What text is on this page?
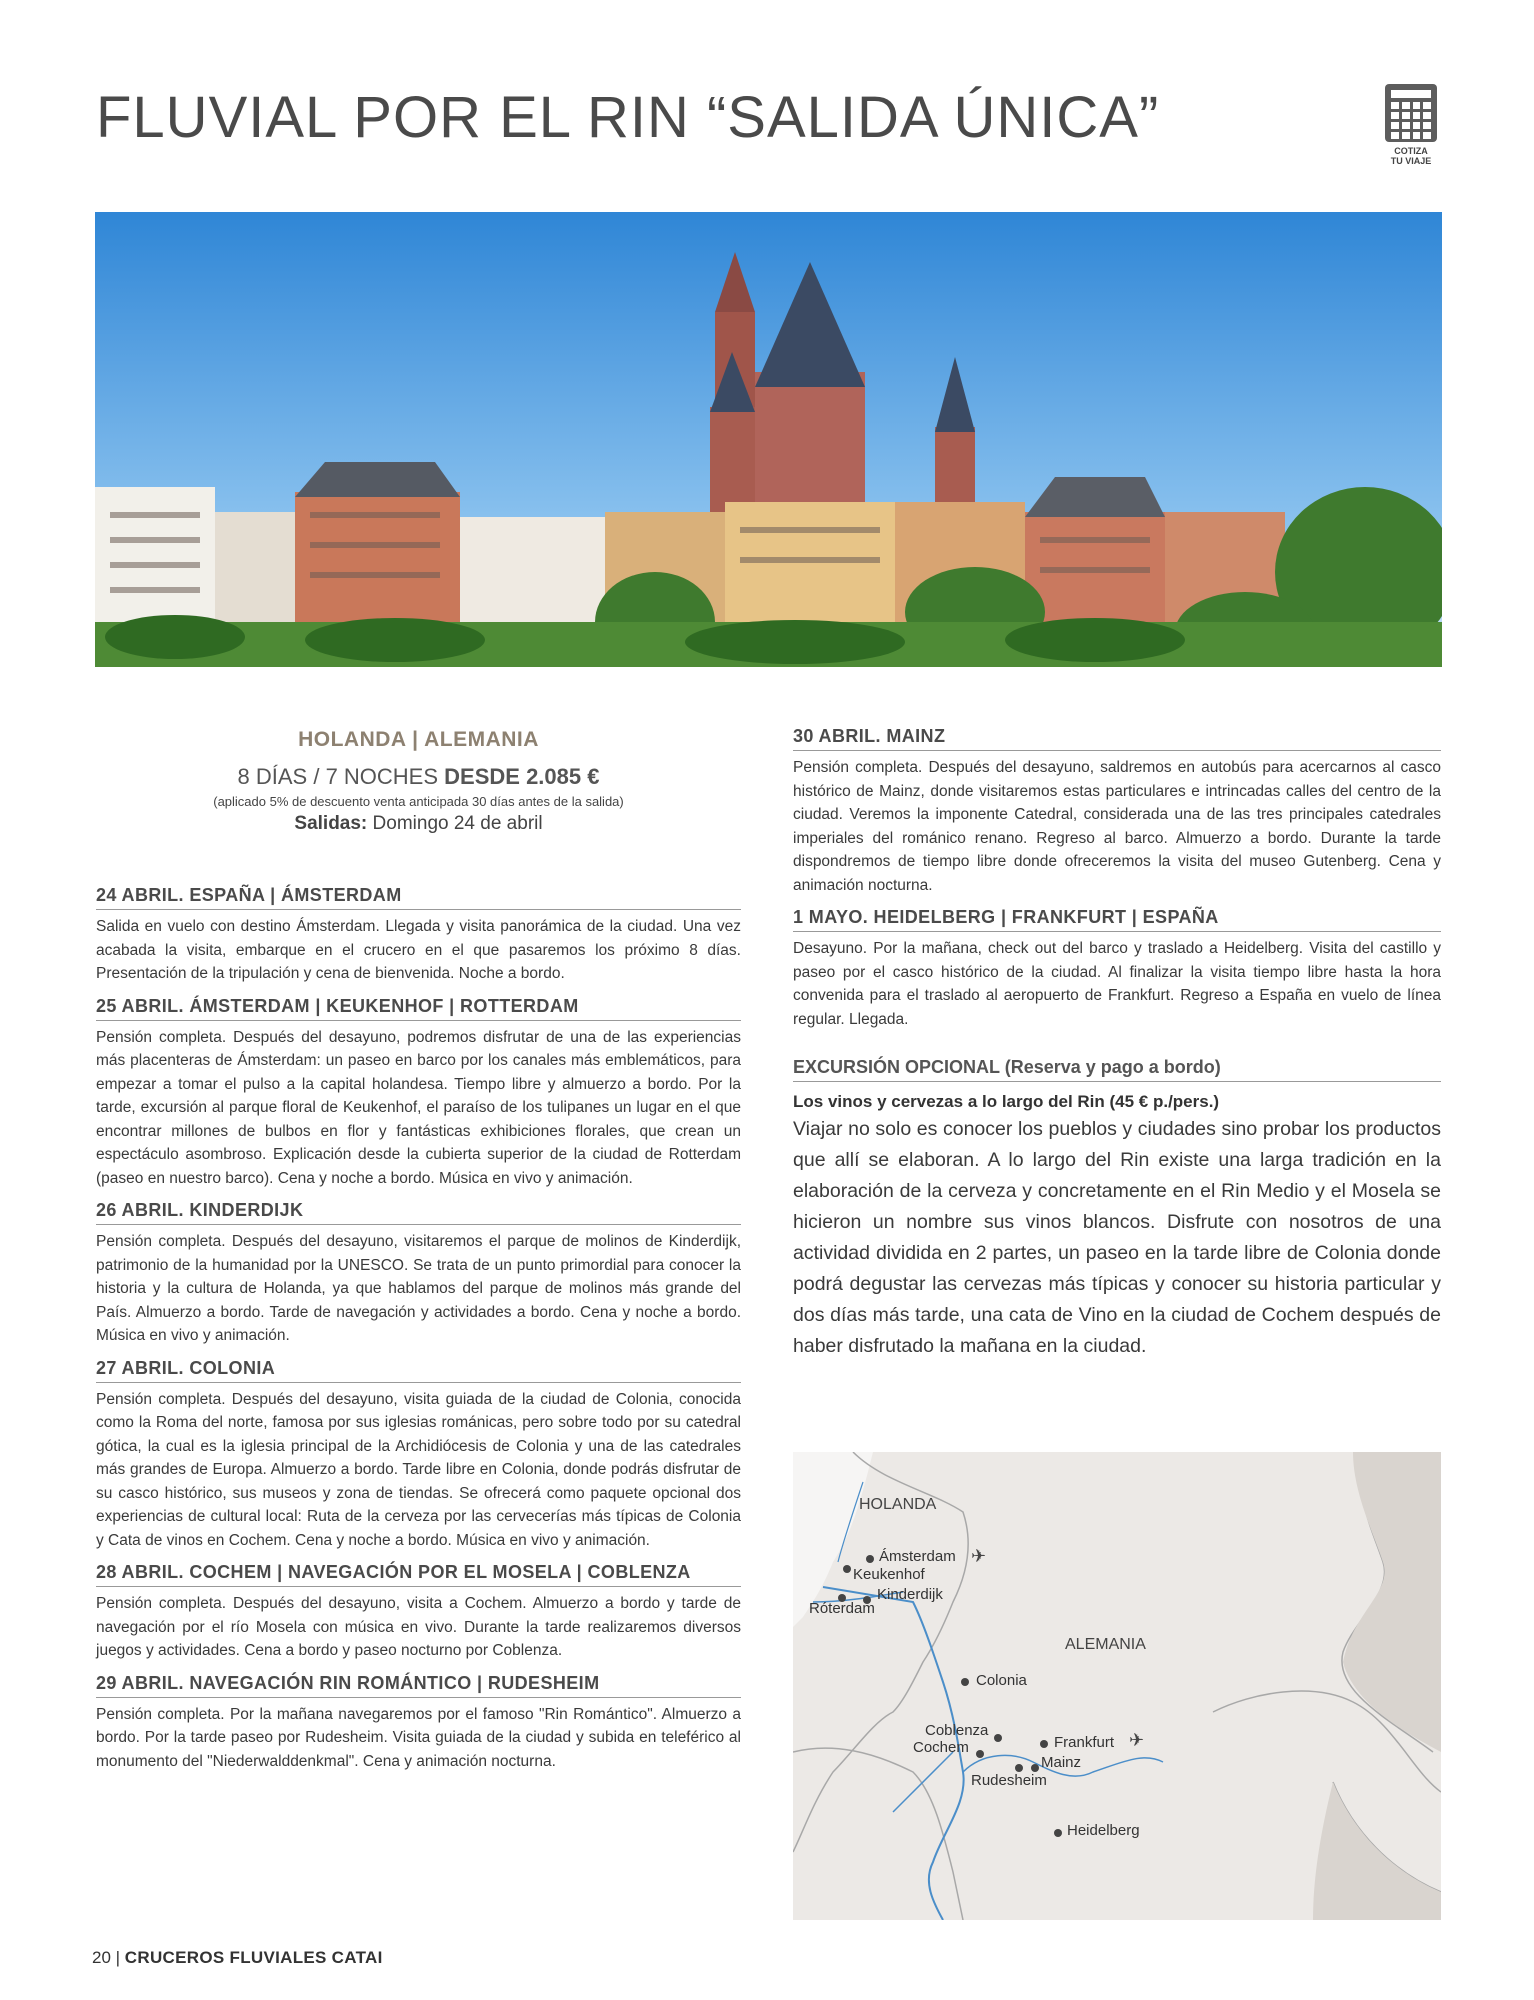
FLUVIAL POR EL RIN “SALIDA ÚNICA”
COTIZA
TU VIAJE
HOLANDA | ALEMANIA
8 DÍAS / 7 NOCHES DESDE 2.085 €
(aplicado 5% de descuento venta anticipada 30 días antes de la salida)
Salidas: Domingo 24 de abril
24 ABRIL. ESPAÑA | ÁMSTERDAM

Salida en vuelo con destino Ámsterdam. Llegada y visita panorámica de la ciudad. Una vez acabada la visita, embarque en el crucero en el que pasaremos los próximo 8 días. Presentación de la tripulación y cena de bienvenida. Noche a bordo.

25 ABRIL. ÁMSTERDAM | KEUKENHOF | ROTTERDAM

Pensión completa. Después del desayuno, podremos disfrutar de una de las experiencias más placenteras de Ámsterdam: un paseo en barco por los canales más emblemáticos, para empezar a tomar el pulso a la capital holandesa. Tiempo libre y almuerzo a bordo. Por la tarde, excursión al parque floral de Keukenhof, el paraíso de los tulipanes un lugar en el que encontrar millones de bulbos en flor y fantásticas exhibiciones florales, que crean un espectáculo asombroso. Explicación desde la cubierta superior de la ciudad de Rotterdam (paseo en nuestro barco). Cena y noche a bordo. Música en vivo y animación.

26 ABRIL. KINDERDIJK

Pensión completa. Después del desayuno, visitaremos el parque de molinos de Kinderdijk, patrimonio de la humanidad por la UNESCO. Se trata de un punto primordial para conocer la historia y la cultura de Holanda, ya que hablamos del parque de molinos más grande del País. Almuerzo a bordo. Tarde de navegación y actividades a bordo. Cena y noche a bordo. Música en vivo y animación.

27 ABRIL. COLONIA

Pensión completa. Después del desayuno, visita guiada de la ciudad de Colonia, conocida como la Roma del norte, famosa por sus iglesias románicas, pero sobre todo por su catedral gótica, la cual es la iglesia principal de la Archidiócesis de Colonia y una de las catedrales más grandes de Europa. Almuerzo a bordo. Tarde libre en Colonia, donde podrás disfrutar de su casco histórico, sus museos y zona de tiendas. Se ofrecerá como paquete opcional dos experiencias de cultural local: Ruta de la cerveza por las cervecerías más típicas de Colonia y Cata de vinos en Cochem. Cena y noche a bordo. Música en vivo y animación.

28 ABRIL. COCHEM | NAVEGACIÓN POR EL MOSELA | COBLENZA

Pensión completa. Después del desayuno, visita a Cochem. Almuerzo a bordo y tarde de navegación por el río Mosela con música en vivo. Durante la tarde realizaremos diversos juegos y actividades. Cena a bordo y paseo nocturno por Coblenza.

29 ABRIL. NAVEGACIÓN RIN ROMÁNTICO | RUDESHEIM

Pensión completa. Por la mañana navegaremos por el famoso "Rin Romántico". Almuerzo a bordo. Por la tarde paseo por Rudesheim. Visita guiada de la ciudad y subida en teleférico al monumento del "Niederwalddenkmal". Cena y animación nocturna.

30 ABRIL. MAINZ

Pensión completa. Después del desayuno, saldremos en autobús para acercarnos al casco histórico de Mainz, donde visitaremos estas particulares e intrincadas calles del centro de la ciudad. Veremos la imponente Catedral, considerada una de las tres principales catedrales imperiales del románico renano. Regreso al barco. Almuerzo a bordo. Durante la tarde dispondremos de tiempo libre donde ofreceremos la visita del museo Gutenberg. Cena y animación nocturna.

1 MAYO. HEIDELBERG | FRANKFURT | ESPAÑA

Desayuno. Por la mañana, check out del barco y traslado a Heidelberg. Visita del castillo y paseo por el casco histórico de la ciudad. Al finalizar la visita tiempo libre hasta la hora convenida para el traslado al aeropuerto de Frankfurt. Regreso a España en vuelo de línea regular. Llegada.

EXCURSIÓN OPCIONAL (Reserva y pago a bordo)
Los vinos y cervezas a lo largo del Rin (45 € p./pers.)
Viajar no solo es conocer los pueblos y ciudades sino probar los productos que allí se elaboran. A lo largo del Rin existe una larga tradición en la elaboración de la cerveza y concretamente en el Rin Medio y el Mosela se hicieron un nombre sus vinos blancos. Disfrute con nosotros de una actividad dividida en 2 partes, un paseo en la tarde libre de Colonia donde podrá degustar las cervezas más típicas y conocer su historia particular y dos días más tarde, una cata de Vino en la ciudad de Cochem después de haber disfrutado la mañana en la ciudad.
HOLANDA
ALEMANIA
Ámsterdam ✈
Keukenhof
Róterdam
Kinderdijk
Colonia
Coblenza
Cochem	Frankfurt ✈
Mainz
Rudesheim
Heidelberg
20 | CRUCEROS FLUVIALES CATAI
